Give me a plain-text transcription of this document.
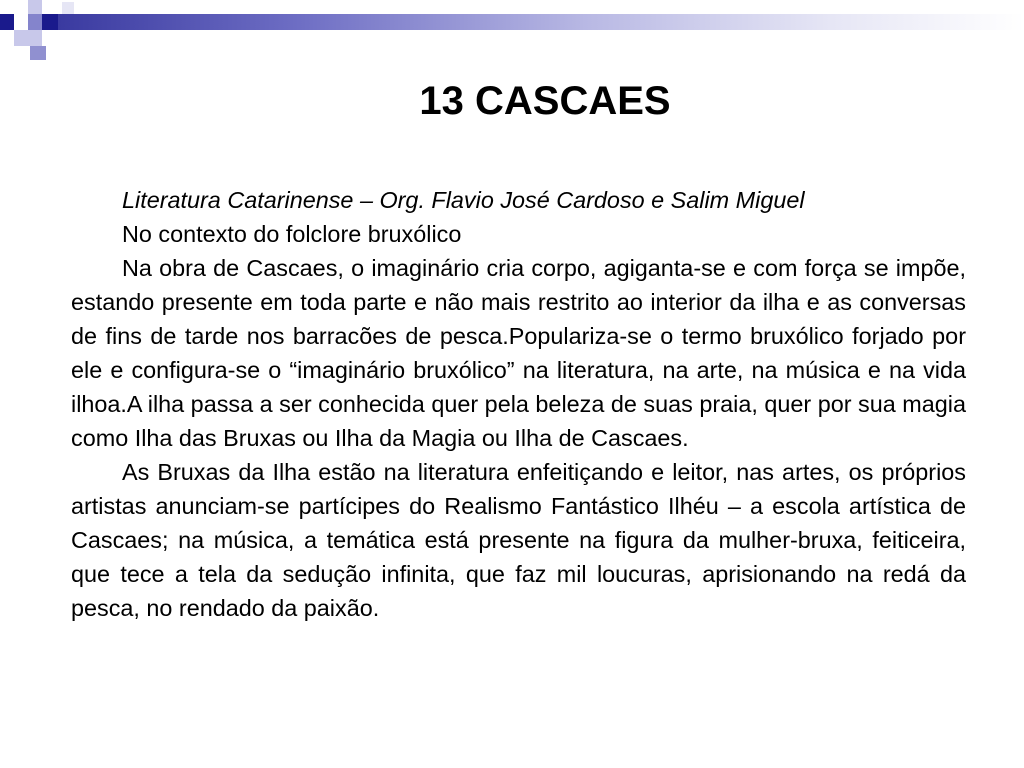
13 CASCAES

Literatura Catarinense – Org. Flavio José Cardoso e Salim Miguel

No contexto do folclore bruxólico

Na obra de Cascaes, o imaginário cria corpo, agiganta-se e com força se impõe, estando presente em toda parte e não mais restrito ao interior da ilha e as conversas de fins de tarde nos barracões de pesca.Populariza-se o termo bruxólico forjado por ele e configura-se o “imaginário bruxólico” na literatura, na arte, na música e na vida ilhoa.A ilha passa a ser conhecida quer pela beleza de suas praia, quer por sua magia como Ilha das Bruxas ou Ilha da Magia ou Ilha de Cascaes.

As Bruxas da Ilha estão na literatura enfeitiçando e leitor, nas artes, os próprios artistas anunciam-se partícipes do Realismo Fantástico Ilhéu – a escola artística de Cascaes; na música, a temática está presente na figura da mulher-bruxa, feiticeira, que tece a tela da sedução infinita, que faz mil loucuras, aprisionando na redá da pesca, no rendado da paixão.
